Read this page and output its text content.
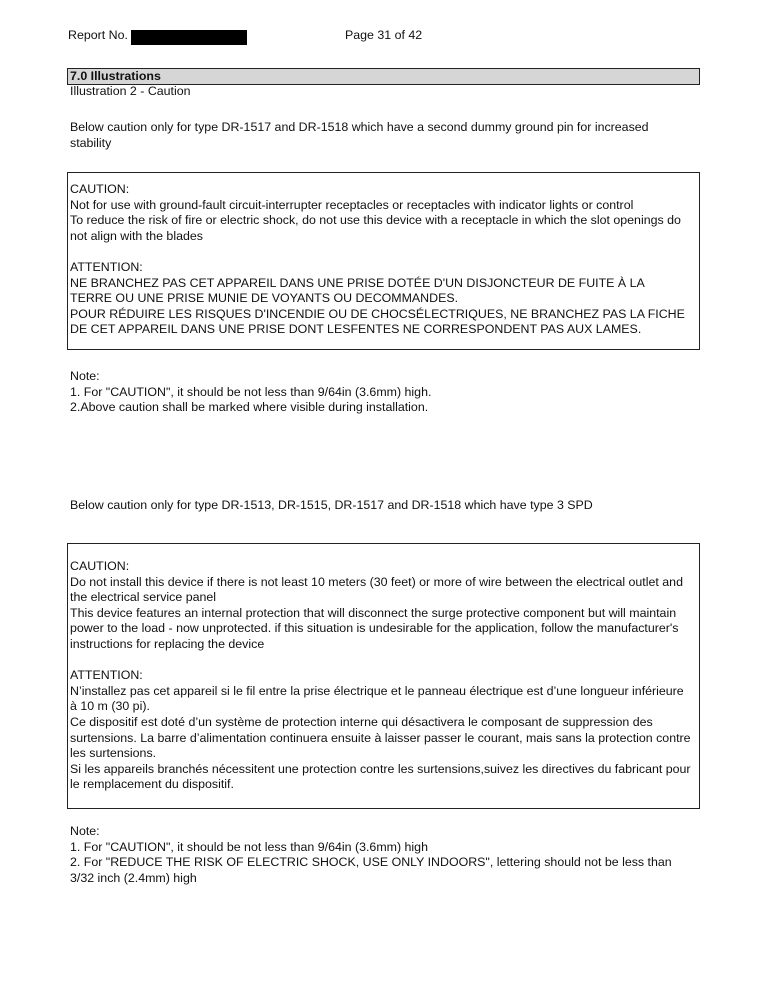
Report No.	Page 31 of 42
7.0 Illustrations
Illustration 2 - Caution
Below caution only for type DR-1517 and DR-1518 which have a second dummy ground pin for increased
stability
CAUTION:
Not for use with ground-fault circuit-interrupter receptacles or receptacles with indicator lights or control
To reduce the risk of fire or electric shock, do not use this device with a receptacle in which the slot openings do
not align with the blades
ATTENTION:
NE BRANCHEZ PAS CET APPAREIL DANS UNE PRISE DOTÉE D'UN DISJONCTEUR DE FUITE À LA
TERRE OU UNE PRISE MUNIE DE VOYANTS OU DECOMMANDES.
POUR RÉDUIRE LES RISQUES D'INCENDIE OU DE CHOCSÉLECTRIQUES, NE BRANCHEZ PAS LA FICHE
DE CET APPAREIL DANS UNE PRISE DONT LESFENTES NE CORRESPONDENT PAS AUX LAMES.
Note:
1. For "CAUTION", it should be not less than 9/64in (3.6mm) high.
2.Above caution shall be marked where visible during installation.
Below caution only for type DR-1513, DR-1515, DR-1517 and DR-1518 which have type 3 SPD
CAUTION:
Do not install this device if there is not least 10 meters (30 feet) or more of wire between the electrical outlet and
the electrical service panel
This device features an internal protection that will disconnect the surge protective component but will maintain
power to the load - now unprotected. if this situation is undesirable for the application, follow the manufacturer's
instructions for replacing the device
ATTENTION:
N’installez pas cet appareil si le fil entre la prise électrique et le panneau électrique est d’une longueur inférieure
à 10 m (30 pi).
Ce dispositif est doté d’un système de protection interne qui désactivera le composant de suppression des
surtensions. La barre d’alimentation continuera ensuite à laisser passer le courant, mais sans la protection contre
les surtensions.
Si les appareils branchés nécessitent une protection contre les surtensions,suivez les directives du fabricant pour
le remplacement du dispositif.
Note:
1. For "CAUTION", it should be not less than 9/64in (3.6mm) high
2. For "REDUCE THE RISK OF ELECTRIC SHOCK, USE ONLY INDOORS", lettering should not be less than
3/32 inch (2.4mm) high
